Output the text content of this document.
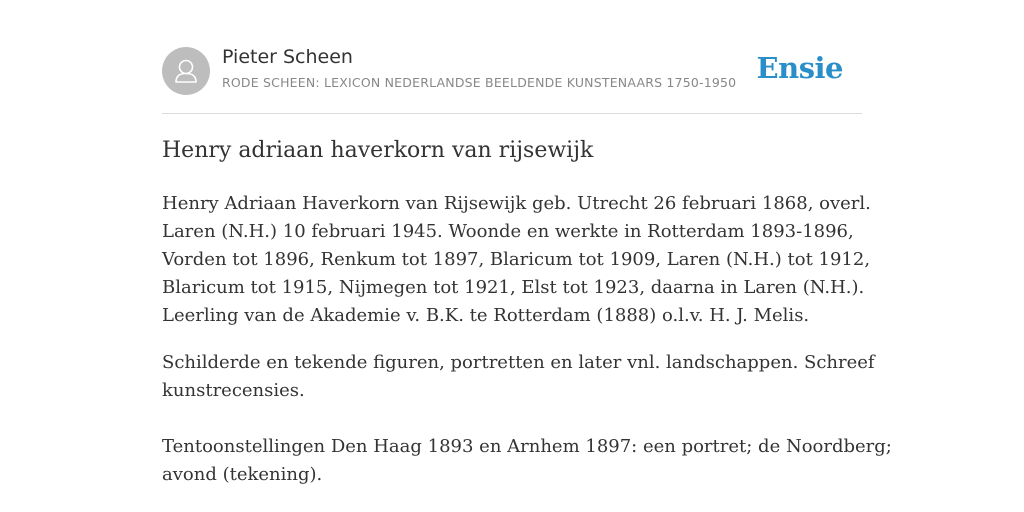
Pieter Scheen
RODE SCHEEN: LEXICON NEDERLANDSE BEELDENDE KUNSTENAARS 1750-1950 Ensie
Henry adriaan haverkorn van rijsewijk
Henry Adriaan Haverkorn van Rijsewijk geb. Utrecht 26 februari 1868, overl.
Laren (N.H.) 10 februari 1945. Woonde en werkte in Rotterdam 1893-1896,
Vorden tot 1896, Renkum tot 1897, Blaricum tot 1909, Laren (N.H.) tot 1912,
Blaricum tot 1915, Nijmegen tot 1921, Elst tot 1923, daarna in Laren (N.H.).
Leerling van de Akademie v. B.K. te Rotterdam (1888) o.l.v. H. J. Melis.
Schilderde en tekende figuren, portretten en later vnl. landschappen. Schreef
kunstrecensies.
Tentoonstellingen Den Haag 1893 en Arnhem 1897: een portret; de Noordberg;
avond (tekening).
